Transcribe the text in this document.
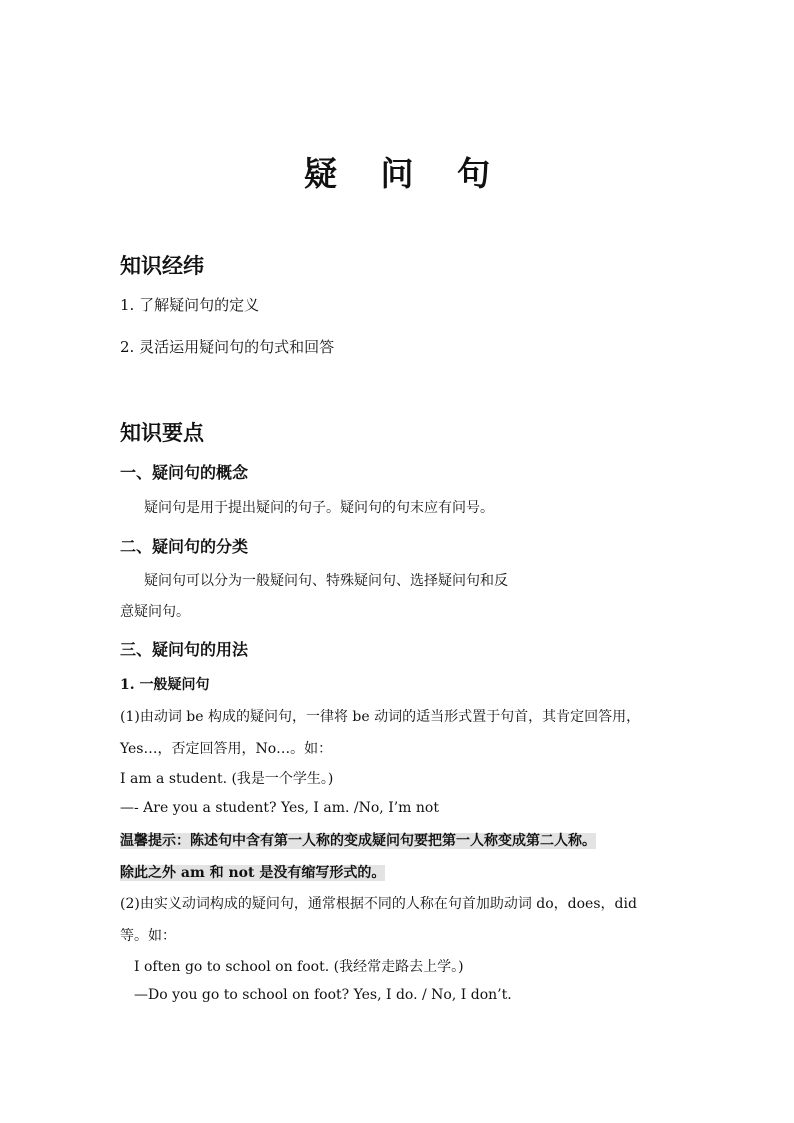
疑 问 句
知识经纬
1. 了解疑问句的定义
2. 灵活运用疑问句的句式和回答
知识要点
一、疑问句的概念
疑问句是用于提出疑问的句子。疑问句的句末应有问号。
二、疑问句的分类
疑问句可以分为一般疑问句、特殊疑问句、选择疑问句和反
意疑问句。
三、疑问句的用法
1. 一般疑问句
(1)由动词 be 构成的疑问句，一律将 be 动词的适当形式置于句首，其肯定回答用，
Yes…，否定回答用，No…。如：
I am a student. (我是一个学生。)
—- Are you a student? Yes, I am. /No, I’m not
温馨提示：陈述句中含有第一人称的变成疑问句要把第一人称变成第二人称。
除此之外 am 和 not 是没有缩写形式的。
(2)由实义动词构成的疑问句，通常根据不同的人称在句首加助动词 do，does，did
等。如：
I often go to school on foot. (我经常走路去上学。)
—Do you go to school on foot? Yes, I do. / No, I don’t.
